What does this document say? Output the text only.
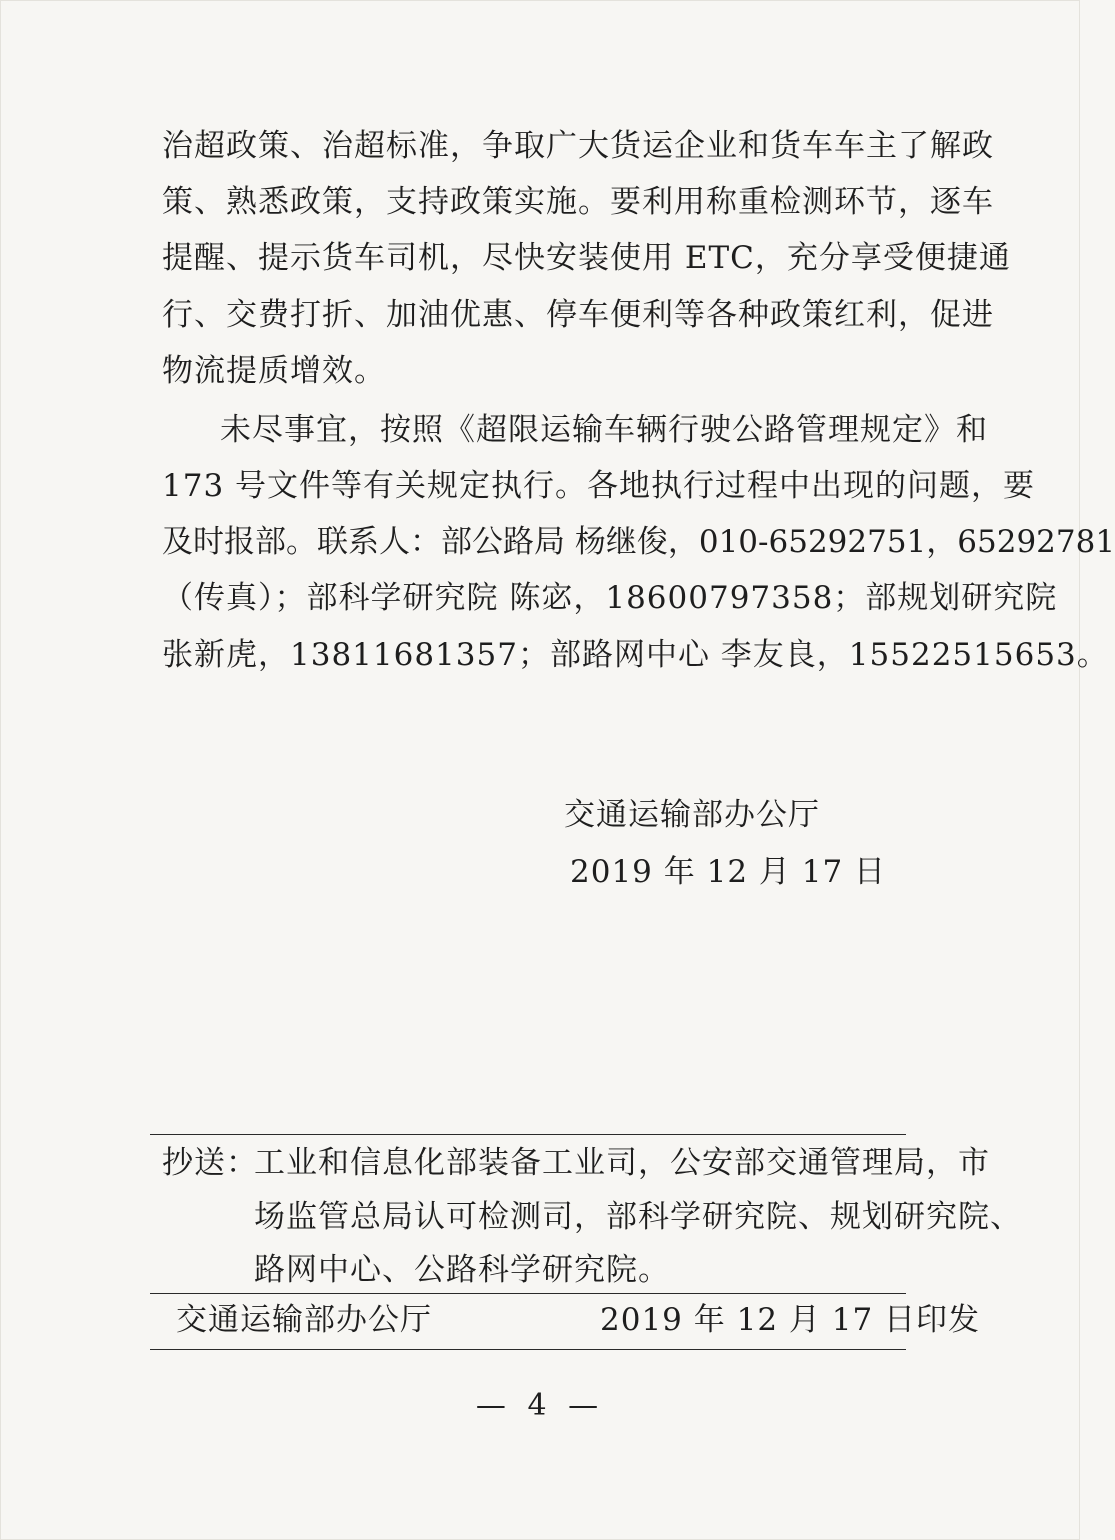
治超政策、治超标准，争取广大货运企业和货车车主了解政
策、熟悉政策，支持政策实施。要利用称重检测环节，逐车
提醒、提示货车司机，尽快安装使用 ETC，充分享受便捷通
行、交费打折、加油优惠、停车便利等各种政策红利，促进
物流提质增效。
未尽事宜，按照《超限运输车辆行驶公路管理规定》和
173 号文件等有关规定执行。各地执行过程中出现的问题，要
及时报部。联系人：部公路局 杨继俊，010-65292751，65292781
（传真）；部科学研究院 陈宓，18600797358；部规划研究院
张新虎，13811681357；部路网中心 李友良，15522515653。
交通运输部办公厅
2019 年 12 月 17 日
抄送：
工业和信息化部装备工业司，公安部交通管理局，市
场监管总局认可检测司，部科学研究院、规划研究院、
路网中心、公路科学研究院。
交通运输部办公厅	2019 年 12 月 17 日印发
— 4 —
